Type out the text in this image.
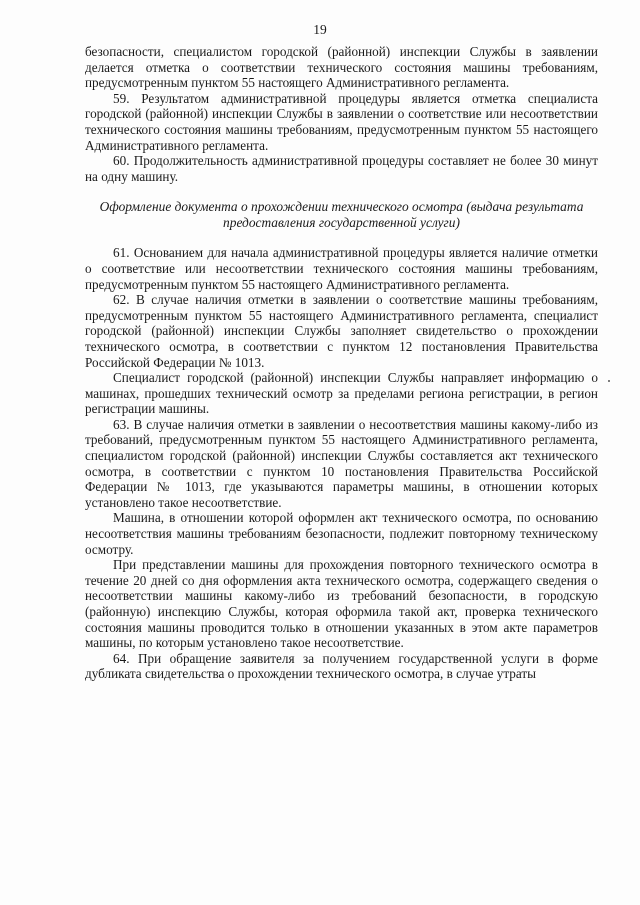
19

безопасности, специалистом городской (районной) инспекции Службы в заявлении делается отметка о соответствии технического состояния машины требованиям, предусмотренным пунктом 55 настоящего Административного регламента.

59. Результатом административной процедуры является отметка специалиста городской (районной) инспекции Службы в заявлении о соответствие или несоответствии технического состояния машины требованиям, предусмотренным пунктом 55 настоящего Административного регламента.

60. Продолжительность административной процедуры составляет не более 30 минут на одну машину.

Оформление документа о прохождении технического осмотра (выдача результата предоставления государственной услуги)

61. Основанием для начала административной процедуры является наличие отметки о соответствие или несоответствии технического состояния машины требованиям, предусмотренным пунктом 55 настоящего Административного регламента.

62. В случае наличия отметки в заявлении о соответствие машины требованиям, предусмотренным пунктом 55 настоящего Административного регламента, специалист городской (районной) инспекции Службы заполняет свидетельство о прохождении технического осмотра, в соответствии с пунктом 12 постановления Правительства Российской Федерации № 1013.

Специалист городской (районной) инспекции Службы направляет информацию о машинах, прошедших технический осмотр за пределами региона регистрации, в регион регистрации машины.

63. В случае наличия отметки в заявлении о несоответствия машины какому-либо из требований, предусмотренным пунктом 55 настоящего Административного регламента, специалистом городской (районной) инспекции Службы составляется акт технического осмотра, в соответствии с пунктом 10 постановления Правительства Российской Федерации № 1013, где указываются параметры машины, в отношении которых установлено такое несоответствие.

Машина, в отношении которой оформлен акт технического осмотра, по основанию несоответствия машины требованиям безопасности, подлежит повторному техническому осмотру.

При представлении машины для прохождения повторного технического осмотра в течение 20 дней со дня оформления акта технического осмотра, содержащего сведения о несоответствии машины какому-либо из требований безопасности, в городскую (районную) инспекцию Службы, которая оформила такой акт, проверка технического состояния машины проводится только в отношении указанных в этом акте параметров машины, по которым установлено такое несоответствие.

64. При обращение заявителя за получением государственной услуги в форме дубликата свидетельства о прохождении технического осмотра, в случае утраты
